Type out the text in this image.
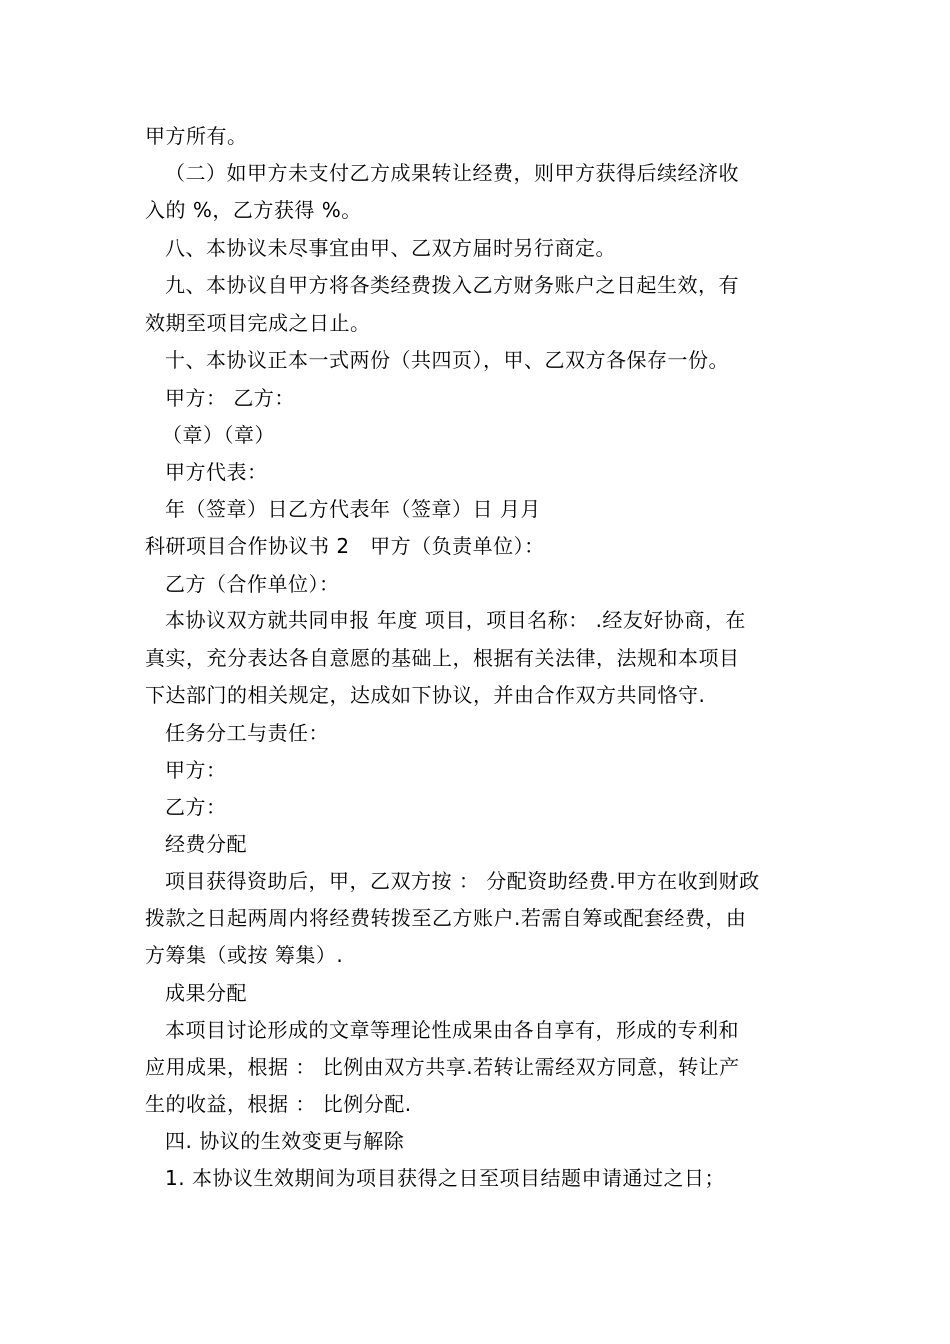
甲方所有。
（二）如甲方未支付乙方成果转让经费，则甲方获得后续经济收
入的 %，乙方获得 %。
八、本协议未尽事宜由甲、乙双方届时另行商定。
九、本协议自甲方将各类经费拨入乙方财务账户之日起生效，有
效期至项目完成之日止。
十、本协议正本一式两份（共四页），甲、乙双方各保存一份。
甲方： 乙方：
（章）（章）
甲方代表：
年（签章）日乙方代表年（签章）日 月月
科研项目合作协议书 2　甲方（负责单位）：
乙方（合作单位）：
本协议双方就共同申报 年度 项目，项目名称： .经友好协商，在
真实，充分表达各自意愿的基础上，根据有关法律，法规和本项目
下达部门的相关规定，达成如下协议，并由合作双方共同恪守.
任务分工与责任：
甲方：
乙方：
经费分配
项目获得资助后，甲，乙双方按 ： 分配资助经费.甲方在收到财政
拨款之日起两周内将经费转拨至乙方账户.若需自筹或配套经费，由
方筹集（或按 筹集）.
成果分配
本项目讨论形成的文章等理论性成果由各自享有，形成的专利和
应用成果，根据 ： 比例由双方共享.若转让需经双方同意，转让产
生的收益，根据 ： 比例分配.
四. 协议的生效变更与解除
1. 本协议生效期间为项目获得之日至项目结题申请通过之日；
